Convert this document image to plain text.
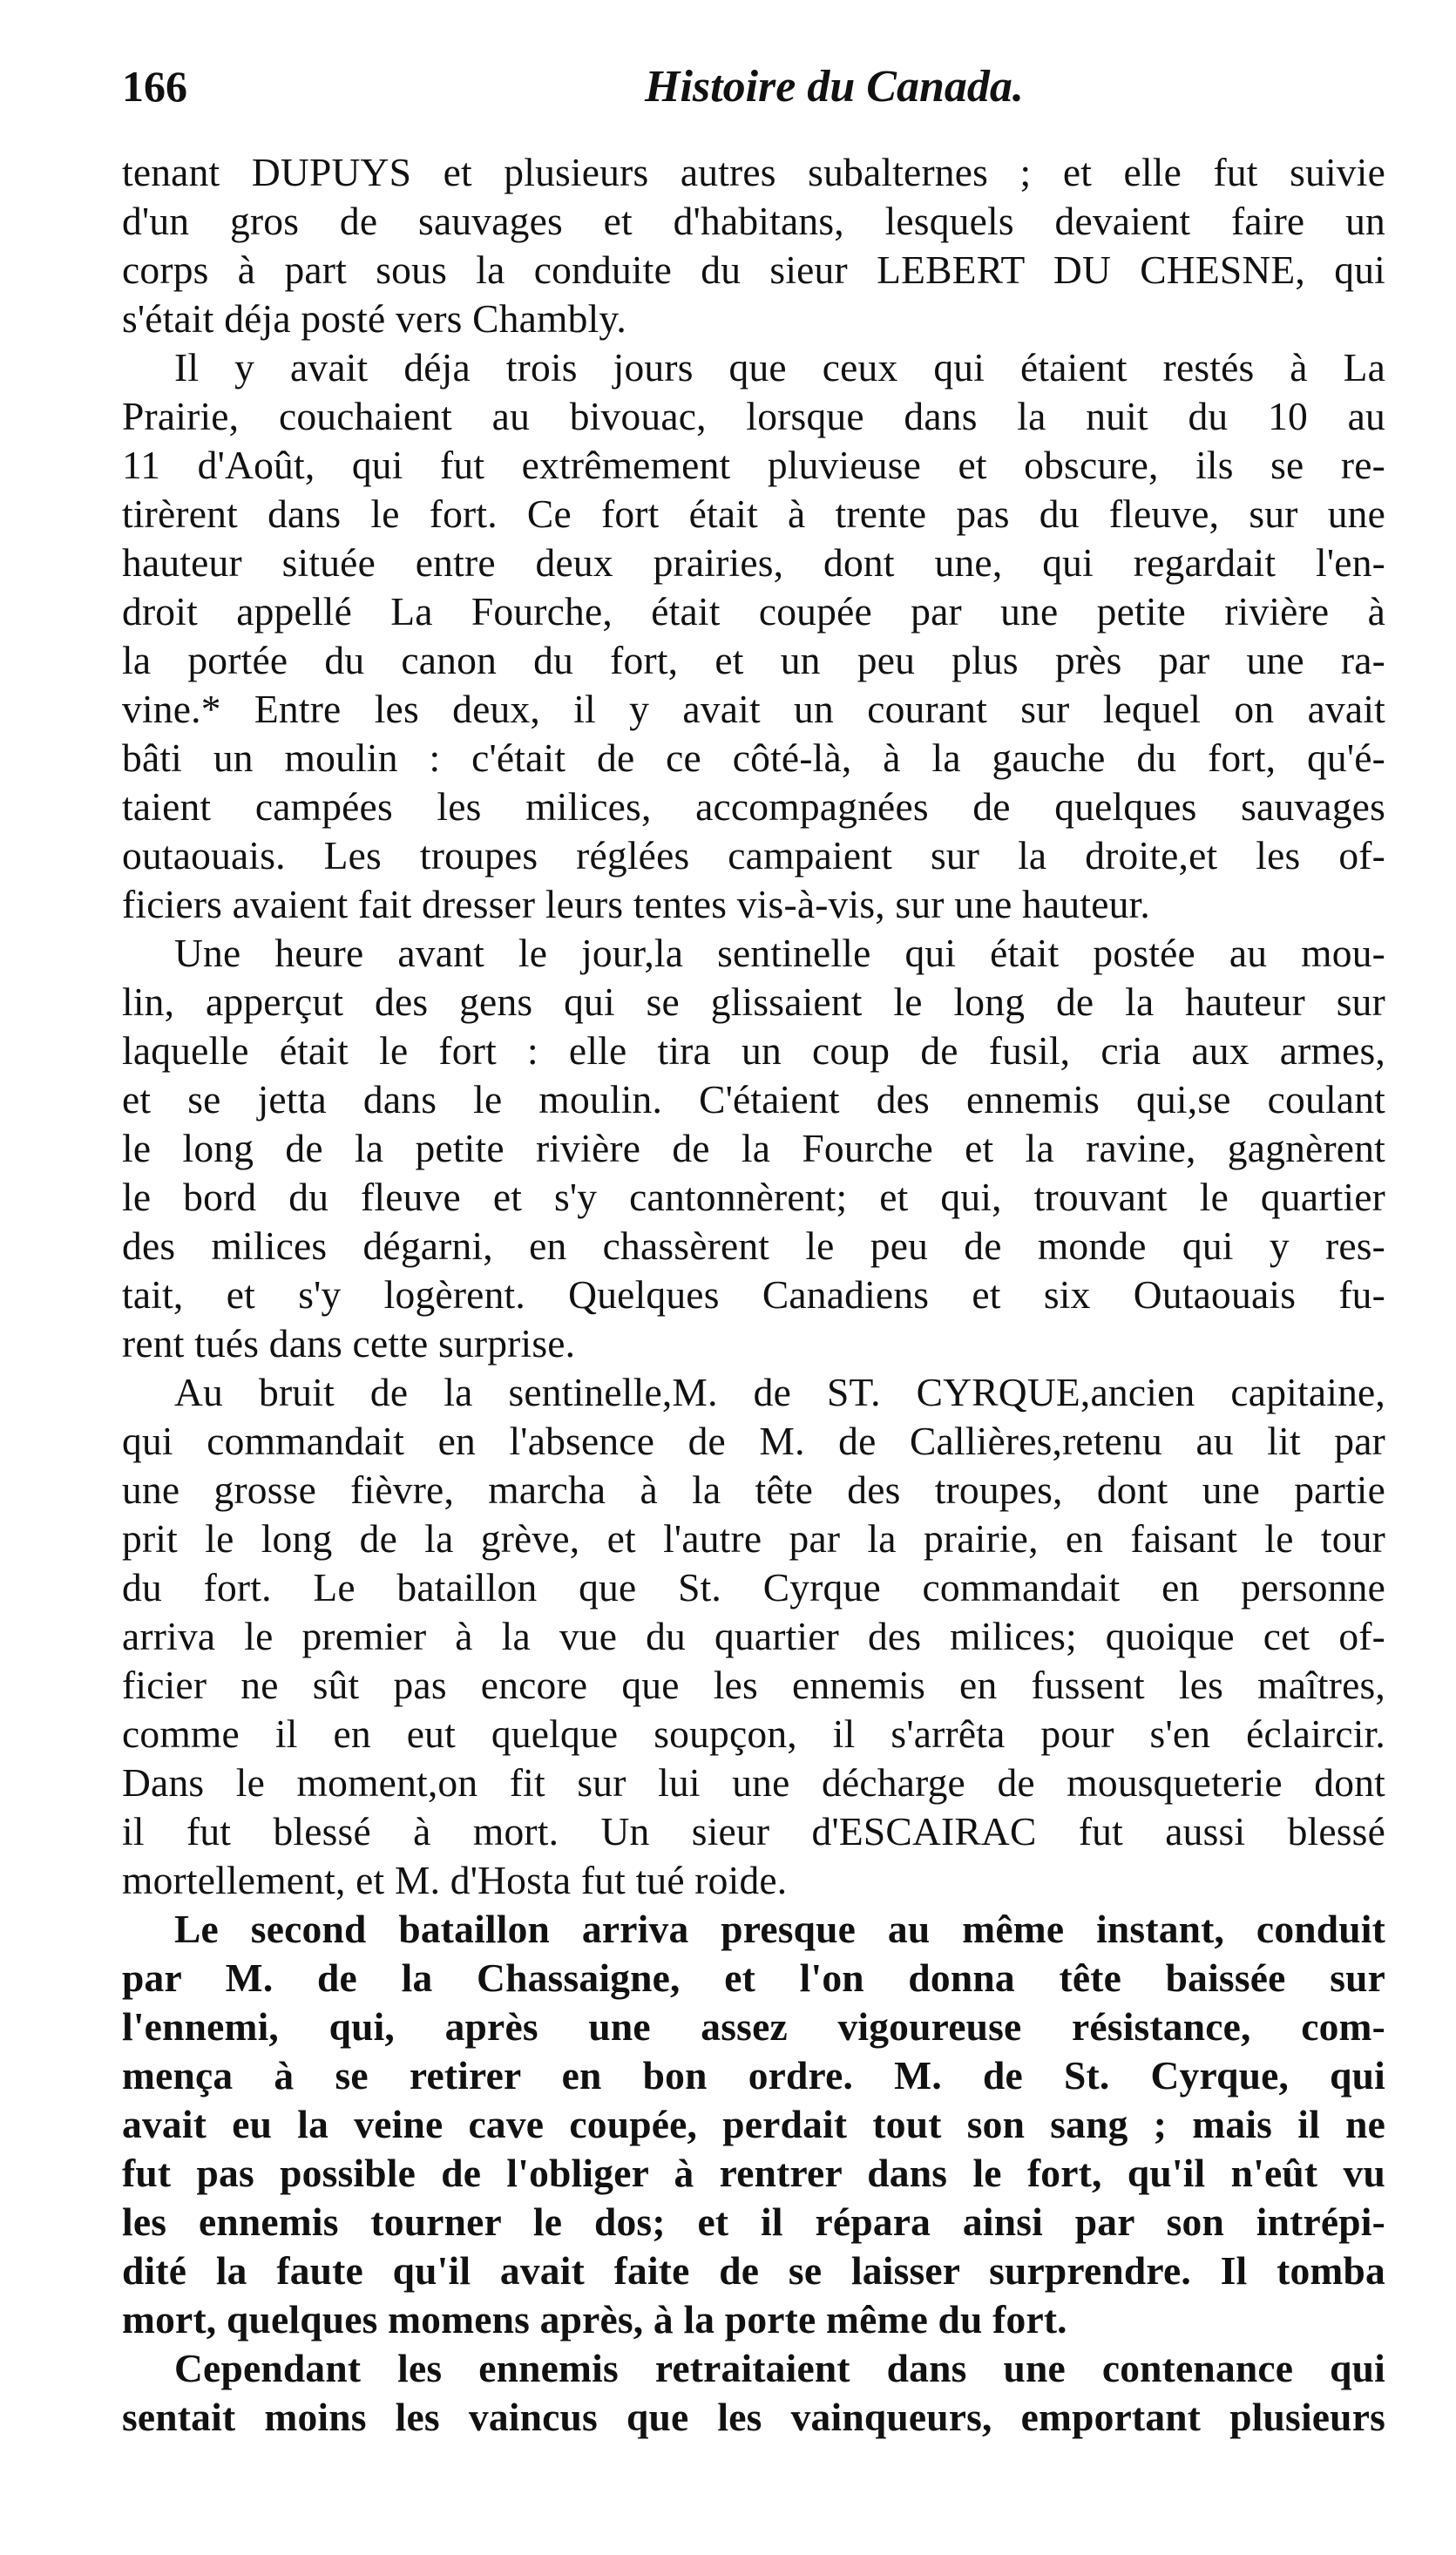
166	Histoire du Canada.
tenant DUPUYS et plusieurs autres subalternes ; et elle fut suivie
d'un gros de sauvages et d'habitans, lesquels devaient faire un
corps à part sous la conduite du sieur LEBERT DU CHESNE, qui
s'était déja posté vers Chambly.
Il y avait déja trois jours que ceux qui étaient restés à La
Prairie, couchaient au bivouac, lorsque dans la nuit du 10 au
11 d'Août, qui fut extrêmement pluvieuse et obscure, ils se re-
tirèrent dans le fort. Ce fort était à trente pas du fleuve, sur une
hauteur située entre deux prairies, dont une, qui regardait l'en-
droit appellé La Fourche, était coupée par une petite rivière à
la portée du canon du fort, et un peu plus près par une ra-
vine.* Entre les deux, il y avait un courant sur lequel on avait
bâti un moulin : c'était de ce côté-là, à la gauche du fort, qu'é-
taient campées les milices, accompagnées de quelques sauvages
outaouais. Les troupes réglées campaient sur la droite,et les of-
ficiers avaient fait dresser leurs tentes vis-à-vis, sur une hauteur.
Une heure avant le jour,la sentinelle qui était postée au mou-
lin, apperçut des gens qui se glissaient le long de la hauteur sur
laquelle était le fort : elle tira un coup de fusil, cria aux armes,
et se jetta dans le moulin. C'étaient des ennemis qui,se coulant
le long de la petite rivière de la Fourche et la ravine, gagnèrent
le bord du fleuve et s'y cantonnèrent; et qui, trouvant le quartier
des milices dégarni, en chassèrent le peu de monde qui y res-
tait, et s'y logèrent. Quelques Canadiens et six Outaouais fu-
rent tués dans cette surprise.
Au bruit de la sentinelle,M. de ST. CYRQUE,ancien capitaine,
qui commandait en l'absence de M. de Callières,retenu au lit par
une grosse fièvre, marcha à la tête des troupes, dont une partie
prit le long de la grève, et l'autre par la prairie, en faisant le tour
du fort. Le bataillon que St. Cyrque commandait en personne
arriva le premier à la vue du quartier des milices; quoique cet of-
ficier ne sût pas encore que les ennemis en fussent les maîtres,
comme il en eut quelque soupçon, il s'arrêta pour s'en éclaircir.
Dans le moment,on fit sur lui une décharge de mousqueterie dont
il fut blessé à mort. Un sieur d'ESCAIRAC fut aussi blessé
mortellement, et M. d'Hosta fut tué roide.
Le second bataillon arriva presque au même instant, conduit
par M. de la Chassaigne, et l'on donna tête baissée sur
l'ennemi, qui, après une assez vigoureuse résistance, com-
mença à se retirer en bon ordre. M. de St. Cyrque, qui
avait eu la veine cave coupée, perdait tout son sang ; mais il ne
fut pas possible de l'obliger à rentrer dans le fort, qu'il n'eût vu
les ennemis tourner le dos; et il répara ainsi par son intrépi-
dité la faute qu'il avait faite de se laisser surprendre. Il tomba
mort, quelques momens après, à la porte même du fort.
Cependant les ennemis retraitaient dans une contenance qui
sentait moins les vaincus que les vainqueurs, emportant plusieurs
